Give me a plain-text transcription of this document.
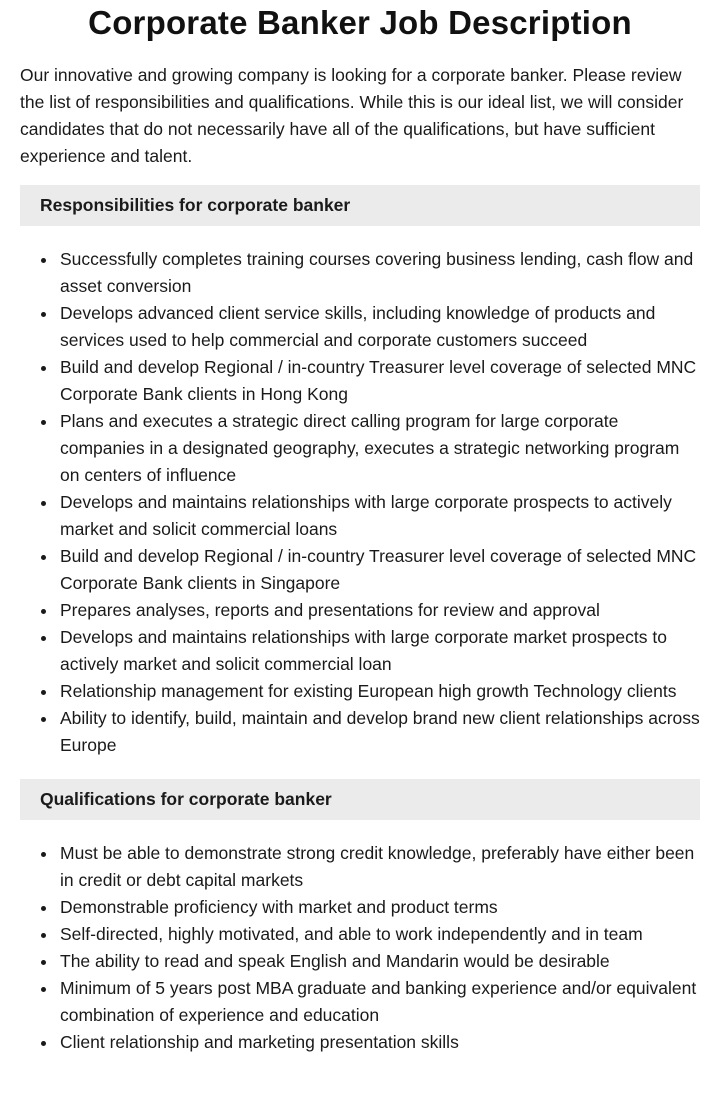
Corporate Banker Job Description

Our innovative and growing company is looking for a corporate banker. Please review the list of responsibilities and qualifications. While this is our ideal list, we will consider candidates that do not necessarily have all of the qualifications, but have sufficient experience and talent.

Responsibilities for corporate banker
Successfully completes training courses covering business lending, cash flow and asset conversion
Develops advanced client service skills, including knowledge of products and services used to help commercial and corporate customers succeed
Build and develop Regional / in-country Treasurer level coverage of selected MNC Corporate Bank clients in Hong Kong
Plans and executes a strategic direct calling program for large corporate companies in a designated geography, executes a strategic networking program on centers of influence
Develops and maintains relationships with large corporate prospects to actively market and solicit commercial loans
Build and develop Regional / in-country Treasurer level coverage of selected MNC Corporate Bank clients in Singapore
Prepares analyses, reports and presentations for review and approval
Develops and maintains relationships with large corporate market prospects to actively market and solicit commercial loan
Relationship management for existing European high growth Technology clients
Ability to identify, build, maintain and develop brand new client relationships across Europe
Qualifications for corporate banker
Must be able to demonstrate strong credit knowledge, preferably have either been in credit or debt capital markets
Demonstrable proficiency with market and product terms
Self-directed, highly motivated, and able to work independently and in team
The ability to read and speak English and Mandarin would be desirable
Minimum of 5 years post MBA graduate and banking experience and/or equivalent combination of experience and education
Client relationship and marketing presentation skills
